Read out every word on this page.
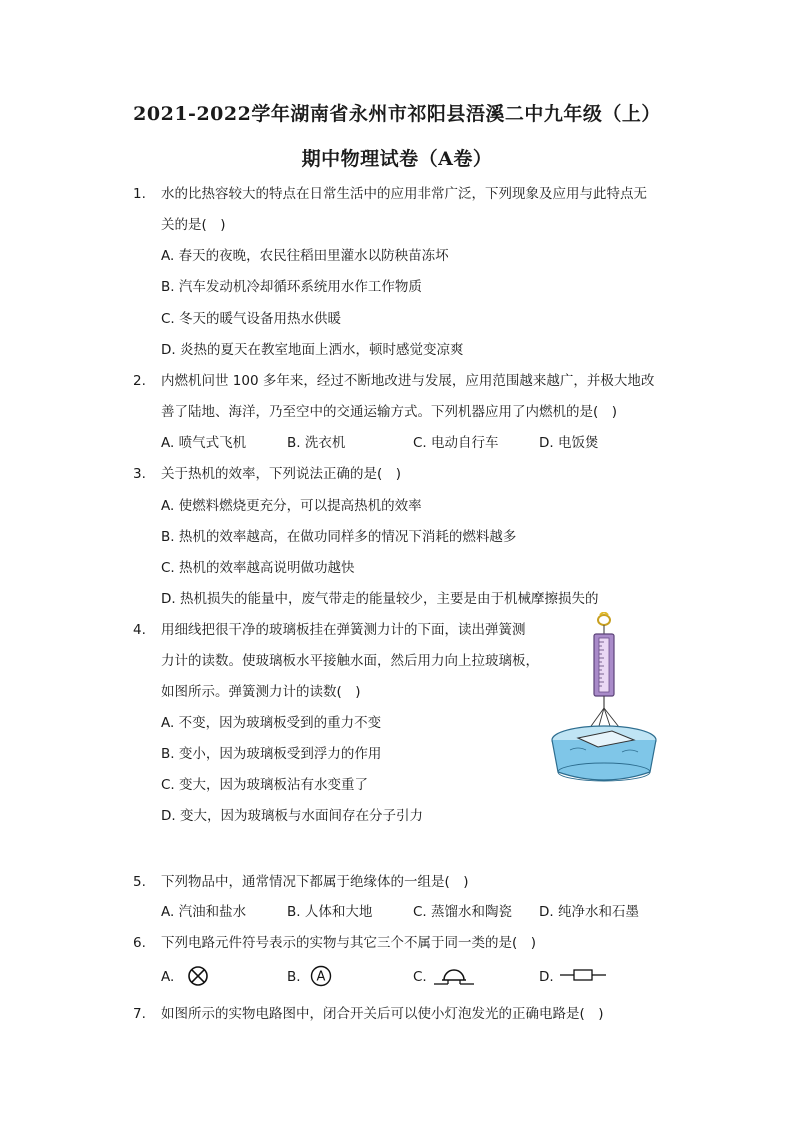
2021-2022学年湖南省永州市祁阳县浯溪二中九年级（上）
期中物理试卷（A卷）
1.	水的比热容较大的特点在日常生活中的应用非常广泛，下列现象及应用与此特点无
关的是(　)
A. 春天的夜晚，农民往稻田里灌水以防秧苗冻坏
B. 汽车发动机冷却循环系统用水作工作物质
C. 冬天的暖气设备用热水供暖
D. 炎热的夏天在教室地面上洒水，顿时感觉变凉爽
2.	内燃机问世 100 多年来，经过不断地改进与发展，应用范围越来越广，并极大地改
善了陆地、海洋，乃至空中的交通运输方式。下列机器应用了内燃机的是(　)
A. 喷气式飞机	B. 洗衣机	C. 电动自行车	D. 电饭煲
3.	关于热机的效率，下列说法正确的是(　)
A. 使燃料燃烧更充分，可以提高热机的效率
B. 热机的效率越高，在做功同样多的情况下消耗的燃料越多
C. 热机的效率越高说明做功越快
D. 热机损失的能量中，废气带走的能量较少，主要是由于机械摩擦损失的
4.	用细线把很干净的玻璃板挂在弹簧测力计的下面，读出弹簧测
力计的读数。使玻璃板水平接触水面，然后用力向上拉玻璃板，
如图所示。弹簧测力计的读数(　)
A. 不变，因为玻璃板受到的重力不变
B. 变小，因为玻璃板受到浮力的作用
C. 变大，因为玻璃板沾有水变重了
D. 变大，因为玻璃板与水面间存在分子引力
5.	下列物品中，通常情况下都属于绝缘体的一组是(　)
A. 汽油和盐水	B. 人体和大地	C. 蒸馏水和陶瓷 D. 纯净水和石墨
6.	下列电路元件符号表示的实物与其它三个不属于同一类的是(　)
A.	B. A	C.	D.
7.	如图所示的实物电路图中，闭合开关后可以使小灯泡发光的正确电路是(　)
